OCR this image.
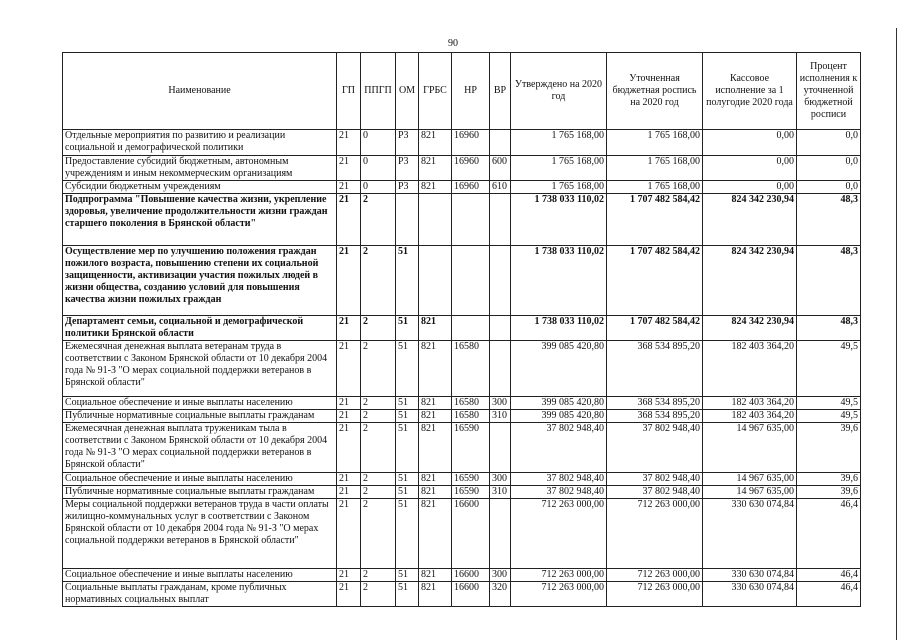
90
Наименование	ГП	ППГП	ОМ	ГРБС	НР	ВР	Утверждено на 2020 год	Уточненная бюджетная роспись на 2020 год	Кассовое исполнение за 1 полугодие 2020 года	Процент исполнения к уточненной бюджетной росписи
Отдельные мероприятия по развитию и реализации социальной и демографической политики	21	0	Р3	821	16960		1 765 168,00	1 765 168,00	0,00	0,0
Предоставление субсидий бюджетным, автономным учреждениям и иным некоммерческим организациям	21	0	Р3	821	16960	600	1 765 168,00	1 765 168,00	0,00	0,0
Субсидии бюджетным учреждениям	21	0	Р3	821	16960	610	1 765 168,00	1 765 168,00	0,00	0,0
Подпрограмма "Повышение качества жизни, укрепление здоровья, увеличение продолжительности жизни граждан старшего поколения в Брянской области"	21	2					1 738 033 110,02	1 707 482 584,42	824 342 230,94	48,3
Осуществление мер по улучшению положения граждан пожилого возраста, повышению степени их социальной защищенности, активизации участия пожилых людей в жизни общества, созданию условий для повышения качества жизни пожилых граждан	21	2	51				1 738 033 110,02	1 707 482 584,42	824 342 230,94	48,3
Департамент семьи, социальной и демографической политики Брянской области	21	2	51	821			1 738 033 110,02	1 707 482 584,42	824 342 230,94	48,3
Ежемесячная денежная выплата ветеранам труда в соответствии с Законом Брянской области от 10 декабря 2004 года № 91-З "О мерах социальной поддержки ветеранов в Брянской области"	21	2	51	821	16580		399 085 420,80	368 534 895,20	182 403 364,20	49,5
Социальное обеспечение и иные выплаты населению	21	2	51	821	16580	300	399 085 420,80	368 534 895,20	182 403 364,20	49,5
Публичные нормативные социальные выплаты гражданам	21	2	51	821	16580	310	399 085 420,80	368 534 895,20	182 403 364,20	49,5
Ежемесячная денежная выплата труженикам тыла в соответствии с Законом Брянской области от 10 декабря 2004 года № 91-З "О мерах социальной поддержки ветеранов в Брянской области"	21	2	51	821	16590		37 802 948,40	37 802 948,40	14 967 635,00	39,6
Социальное обеспечение и иные выплаты населению	21	2	51	821	16590	300	37 802 948,40	37 802 948,40	14 967 635,00	39,6
Публичные нормативные социальные выплаты гражданам	21	2	51	821	16590	310	37 802 948,40	37 802 948,40	14 967 635,00	39,6
Меры социальной поддержки ветеранов труда в части оплаты жилищно-коммунальных услуг в соответствии с Законом Брянской области от 10 декабря 2004 года № 91-З "О мерах социальной поддержки ветеранов в Брянской области"	21	2	51	821	16600		712 263 000,00	712 263 000,00	330 630 074,84	46,4
Социальное обеспечение и иные выплаты населению	21	2	51	821	16600	300	712 263 000,00	712 263 000,00	330 630 074,84	46,4
Социальные выплаты гражданам, кроме публичных нормативных социальных выплат	21	2	51	821	16600	320	712 263 000,00	712 263 000,00	330 630 074,84	46,4
